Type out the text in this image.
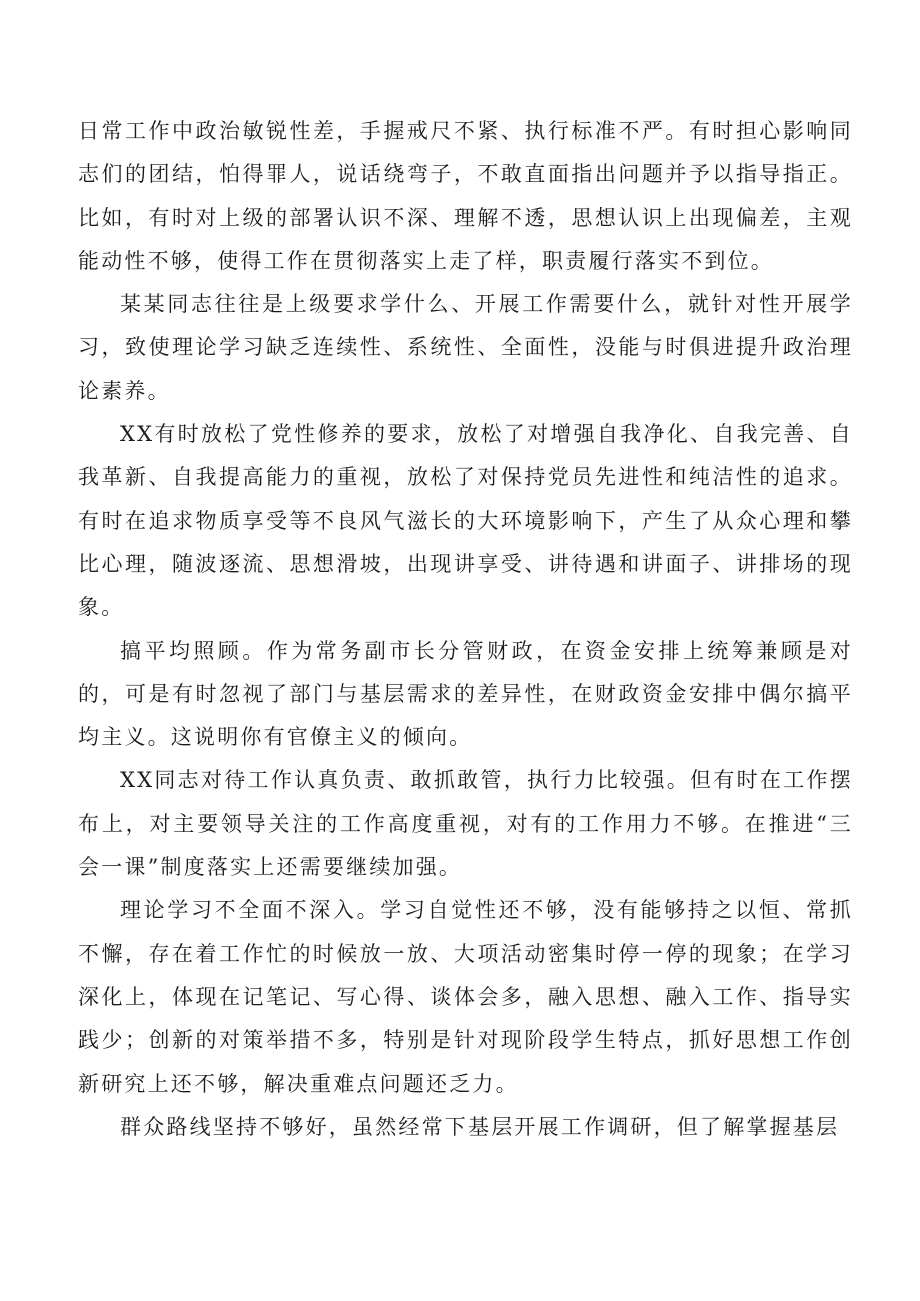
日常工作中政治敏锐性差，手握戒尺不紧、执行标准不严。有时担心影响同志们的团结，怕得罪人，说话绕弯子，不敢直面指出问题并予以指导指正。比如，有时对上级的部署认识不深、理解不透，思想认识上出现偏差，主观能动性不够，使得工作在贯彻落实上走了样，职责履行落实不到位。

某某同志往往是上级要求学什么、开展工作需要什么，就针对性开展学习，致使理论学习缺乏连续性、系统性、全面性，没能与时俱进提升政治理论素养。

XX有时放松了党性修养的要求，放松了对增强自我净化、自我完善、自我革新、自我提高能力的重视，放松了对保持党员先进性和纯洁性的追求。有时在追求物质享受等不良风气滋长的大环境影响下，产生了从众心理和攀比心理，随波逐流、思想滑坡，出现讲享受、讲待遇和讲面子、讲排场的现象。

搞平均照顾。作为常务副市长分管财政，在资金安排上统筹兼顾是对的，可是有时忽视了部门与基层需求的差异性，在财政资金安排中偶尔搞平均主义。这说明你有官僚主义的倾向。

XX同志对待工作认真负责、敢抓敢管，执行力比较强。但有时在工作摆布上，对主要领导关注的工作高度重视，对有的工作用力不够。在推进“三会一课”制度落实上还需要继续加强。

理论学习不全面不深入。学习自觉性还不够，没有能够持之以恒、常抓不懈，存在着工作忙的时候放一放、大项活动密集时停一停的现象；在学习深化上，体现在记笔记、写心得、谈体会多，融入思想、融入工作、指导实践少；创新的对策举措不多，特别是针对现阶段学生特点，抓好思想工作创新研究上还不够，解决重难点问题还乏力。

群众路线坚持不够好，虽然经常下基层开展工作调研，但了解掌握基层
